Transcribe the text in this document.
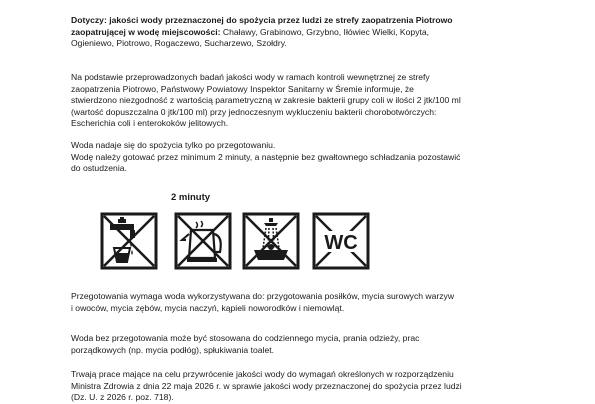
Dotyczy: jakości wody przeznaczonej do spożycia przez ludzi ze strefy zaopatrzenia Piotrowo
zaopatrującej w wodę miejscowości: Chaławy, Grabinowo, Grzybno, Iłówiec Wielki, Kopyta,
Ogieniewo, Piotrowo, Rogaczewo, Sucharzewo, Szołdry.

Na podstawie przeprowadzonych badań jakości wody w ramach kontroli wewnętrznej ze strefy
zaopatrzenia Piotrowo, Państwowy Powiatowy Inspektor Sanitarny w Śremie informuje, że
stwierdzono niezgodność z wartością parametryczną w zakresie bakterii grupy coli w ilości 2 jtk/100 ml
(wartość dopuszczalna 0 jtk/100 ml) przy jednoczesnym wykluczeniu bakterii chorobotwórczych:
Escherichia coli i enterokoków jelitowych.

Woda nadaje się do spożycia tylko po przegotowaniu.
Wodę należy gotować przez minimum 2 minuty, a następnie bez gwałtownego schładzania pozostawić
do ostudzenia.

2 minuty
WC

Przegotowania wymaga woda wykorzystywana do: przygotowania posiłków, mycia surowych warzyw
i owoców, mycia zębów, mycia naczyń, kąpieli noworodków i niemowląt.

Woda bez przegotowania może być stosowana do codziennego mycia, prania odzieży, prac
porządkowych (np. mycia podłóg), spłukiwania toalet.

Trwają prace mające na celu przywrócenie jakości wody do wymagań określonych w rozporządzeniu
Ministra Zdrowia z dnia 22 maja 2026 r. w sprawie jakości wody przeznaczonej do spożycia przez ludzi
(Dz. U. z 2026 r. poz. 718).
